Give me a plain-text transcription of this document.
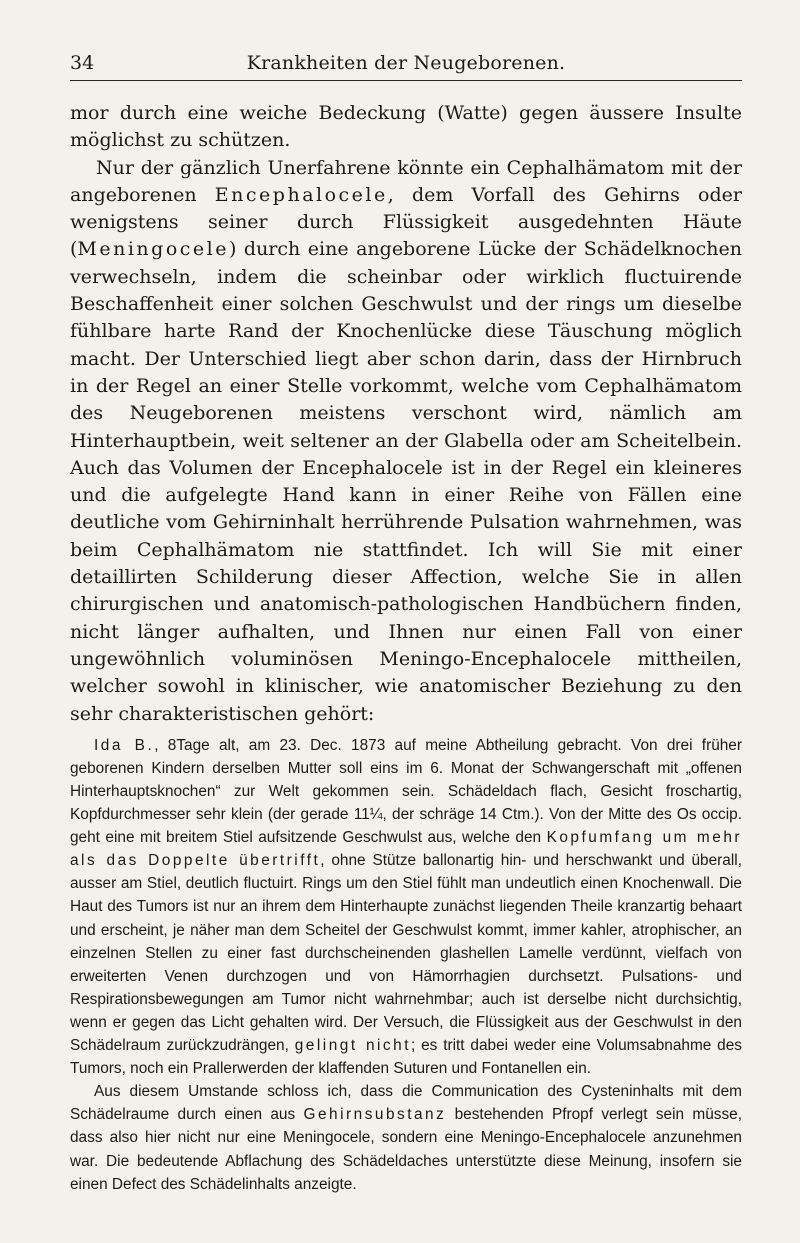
34	Krankheiten der Neugeborenen.

mor durch eine weiche Bedeckung (Watte) gegen äussere Insulte möglichst zu schützen.

Nur der gänzlich Unerfahrene könnte ein Cephalhämatom mit der angeborenen Encephalocele, dem Vorfall des Gehirns oder wenigstens seiner durch Flüssigkeit ausgedehnten Häute (Meningocele) durch eine angeborene Lücke der Schädelknochen verwechseln, indem die scheinbar oder wirklich fluctuirende Beschaffenheit einer solchen Geschwulst und der rings um dieselbe fühlbare harte Rand der Knochenlücke diese Täuschung möglich macht. Der Unterschied liegt aber schon darin, dass der Hirnbruch in der Regel an einer Stelle vorkommt, welche vom Cephalhämatom des Neugeborenen meistens verschont wird, nämlich am Hinterhauptbein, weit seltener an der Glabella oder am Scheitelbein. Auch das Volumen der Encephalocele ist in der Regel ein kleineres und die aufgelegte Hand kann in einer Reihe von Fällen eine deutliche vom Gehirninhalt herrührende Pulsation wahrnehmen, was beim Cephalhämatom nie stattfindet. Ich will Sie mit einer detaillirten Schilderung dieser Affection, welche Sie in allen chirurgischen und anatomisch-pathologischen Handbüchern finden, nicht länger aufhalten, und Ihnen nur einen Fall von einer ungewöhnlich voluminösen Meningo-Encephalocele mittheilen, welcher sowohl in klinischer, wie anatomischer Beziehung zu den sehr charakteristischen gehört:

Ida B., 8Tage alt, am 23. Dec. 1873 auf meine Abtheilung gebracht. Von drei früher geborenen Kindern derselben Mutter soll eins im 6. Monat der Schwangerschaft mit „offenen Hinterhauptsknochen“ zur Welt gekommen sein. Schädeldach flach, Gesicht froschartig, Kopfdurchmesser sehr klein (der gerade 11¼, der schräge 14 Ctm.). Von der Mitte des Os occip. geht eine mit breitem Stiel aufsitzende Geschwulst aus, welche den Kopfumfang um mehr als das Doppelte übertrifft, ohne Stütze ballonartig hin- und herschwankt und überall, ausser am Stiel, deutlich fluctuirt. Rings um den Stiel fühlt man undeutlich einen Knochenwall. Die Haut des Tumors ist nur an ihrem dem Hinterhaupte zunächst liegenden Theile kranzartig behaart und erscheint, je näher man dem Scheitel der Geschwulst kommt, immer kahler, atrophischer, an einzelnen Stellen zu einer fast durchscheinenden glashellen Lamelle verdünnt, vielfach von erweiterten Venen durchzogen und von Hämorrhagien durchsetzt. Pulsations- und Respirationsbewegungen am Tumor nicht wahrnehmbar; auch ist derselbe nicht durchsichtig, wenn er gegen das Licht gehalten wird. Der Versuch, die Flüssigkeit aus der Geschwulst in den Schädelraum zurückzudrängen, gelingt nicht; es tritt dabei weder eine Volumsabnahme des Tumors, noch ein Prallerwerden der klaffenden Suturen und Fontanellen ein.

Aus diesem Umstande schloss ich, dass die Communication des Cysteninhalts mit dem Schädelraume durch einen aus Gehirnsubstanz bestehenden Pfropf verlegt sein müsse, dass also hier nicht nur eine Meningocele, sondern eine Meningo-Encephalocele anzunehmen war. Die bedeutende Abflachung des Schädeldaches unterstützte diese Meinung, insofern sie einen Defect des Schädelinhalts anzeigte.
